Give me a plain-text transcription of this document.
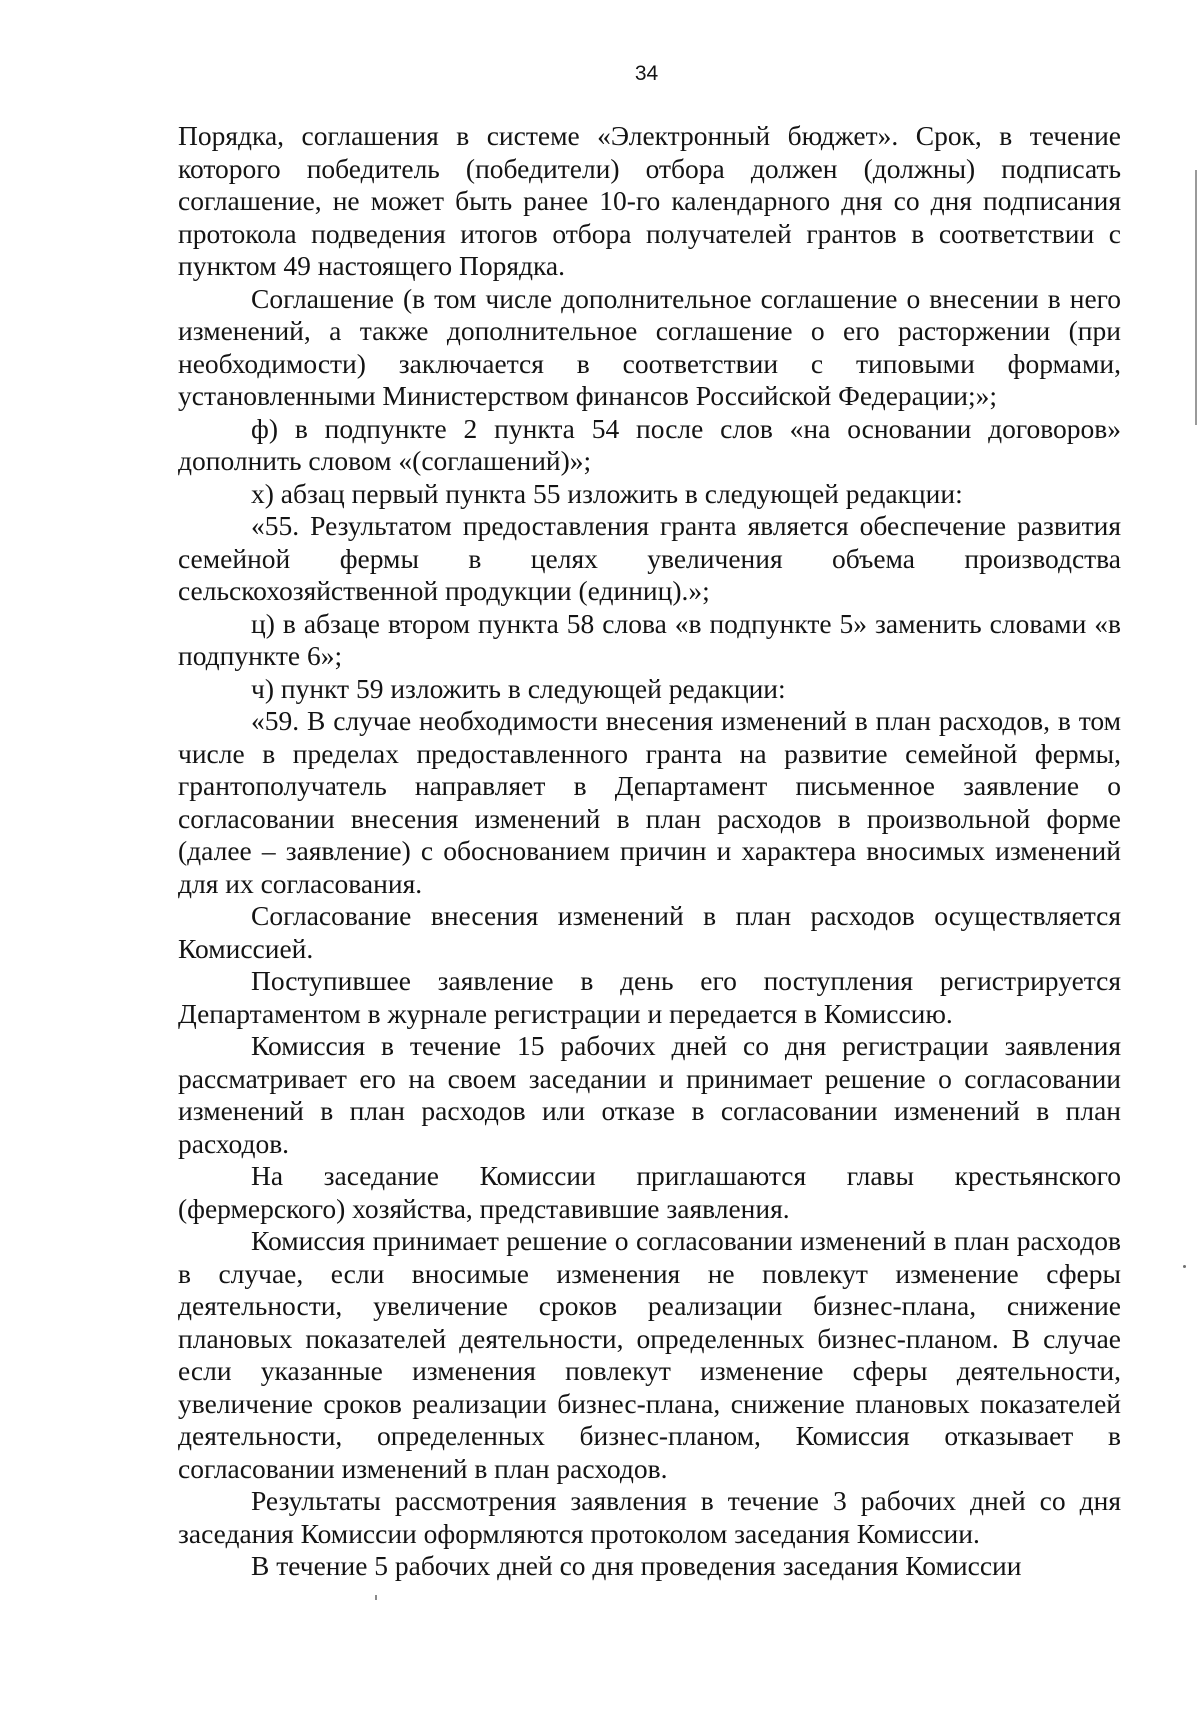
34

Порядка, соглашения в системе «Электронный бюджет». Срок, в течение которого победитель (победители) отбора должен (должны) подписать соглашение, не может быть ранее 10-го календарного дня со дня подписания протокола подведения итогов отбора получателей грантов в соответствии с пунктом 49 настоящего Порядка.

Соглашение (в том числе дополнительное соглашение о внесении в него изменений, а также дополнительное соглашение о его расторжении (при необходимости) заключается в соответствии с типовыми формами, установленными Министерством финансов Российской Федерации;»;

ф) в подпункте 2 пункта 54 после слов «на основании договоров» дополнить словом «(соглашений)»;

х) абзац первый пункта 55 изложить в следующей редакции:

«55. Результатом предоставления гранта является обеспечение развития семейной фермы в целях увеличения объема производства сельскохозяйственной продукции (единиц).»;

ц) в абзаце втором пункта 58 слова «в подпункте 5» заменить словами «в подпункте 6»;

ч) пункт 59 изложить в следующей редакции:

«59. В случае необходимости внесения изменений в план расходов, в том числе в пределах предоставленного гранта на развитие семейной фермы, грантополучатель направляет в Департамент письменное заявление о согласовании внесения изменений в план расходов в произвольной форме (далее – заявление) с обоснованием причин и характера вносимых изменений для их согласования.

Согласование внесения изменений в план расходов осуществляется Комиссией.

Поступившее заявление в день его поступления регистрируется Департаментом в журнале регистрации и передается в Комиссию.

Комиссия в течение 15 рабочих дней со дня регистрации заявления рассматривает его на своем заседании и принимает решение о согласовании изменений в план расходов или отказе в согласовании изменений в план расходов.

На заседание Комиссии приглашаются главы крестьянского (фермерского) хозяйства, представившие заявления.

Комиссия принимает решение о согласовании изменений в план расходов в случае, если вносимые изменения не повлекут изменение сферы деятельности, увеличение сроков реализации бизнес-плана, снижение плановых показателей деятельности, определенных бизнес-планом. В случае если указанные изменения повлекут изменение сферы деятельности, увеличение сроков реализации бизнес-плана, снижение плановых показателей деятельности, определенных бизнес-планом, Комиссия отказывает в согласовании изменений в план расходов.

Результаты рассмотрения заявления в течение 3 рабочих дней со дня заседания Комиссии оформляются протоколом заседания Комиссии.

В течение 5 рабочих дней со дня проведения заседания Комиссии
